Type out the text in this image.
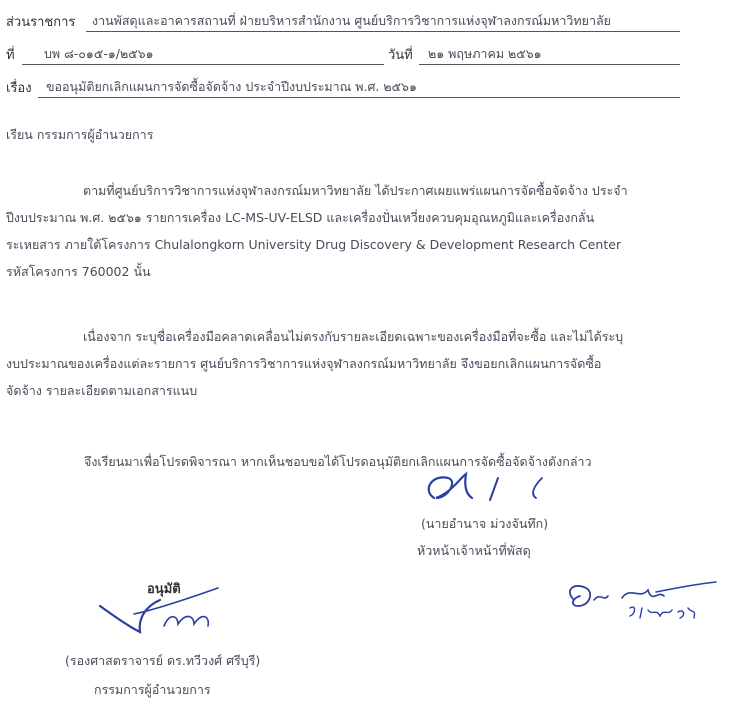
ส่วนราชการ งานพัสดุและอาคารสถานที่ ฝ่ายบริหารสำนักงาน ศูนย์บริการวิชาการแห่งจุฬาลงกรณ์มหาวิทยาลัย
ที่ บพ ๘-๐๑๕-๑/๒๕๖๑	วันที่ ๒๑ พฤษภาคม ๒๕๖๑
เรื่อง ขออนุมัติยกเลิกแผนการจัดซื้อจัดจ้าง ประจำปีงบประมาณ พ.ศ. ๒๕๖๑
เรียน กรรมการผู้อำนวยการ
ตามที่ศูนย์บริการวิชาการแห่งจุฬาลงกรณ์มหาวิทยาลัย ได้ประกาศเผยแพร่แผนการจัดซื้อจัดจ้าง ประจำ
ปีงบประมาณ พ.ศ. ๒๕๖๑ รายการเครื่อง LC-MS-UV-ELSD และเครื่องปั่นเหวี่ยงควบคุมอุณหภูมิและเครื่องกลั่น
ระเหยสาร ภายใต้โครงการ Chulalongkorn University Drug Discovery & Development Research Center
รหัสโครงการ 760002 นั้น
เนื่องจาก ระบุชื่อเครื่องมือคลาดเคลื่อนไม่ตรงกับรายละเอียดเฉพาะของเครื่องมือที่จะซื้อ และไม่ได้ระบุ
งบประมาณของเครื่องแต่ละรายการ ศูนย์บริการวิชาการแห่งจุฬาลงกรณ์มหาวิทยาลัย จึงขอยกเลิกแผนการจัดซื้อ
จัดจ้าง รายละเอียดตามเอกสารแนบ
จึงเรียนมาเพื่อโปรดพิจารณา หากเห็นชอบขอได้โปรดอนุมัติยกเลิกแผนการจัดซื้อจัดจ้างดังกล่าว
(นายอำนาจ ม่วงจันทึก)
หัวหน้าเจ้าหน้าที่พัสดุ
อนุมัติ
(รองศาสตราจารย์ ดร.ทวีวงศ์ ศรีบุรี)
กรรมการผู้อำนวยการ
